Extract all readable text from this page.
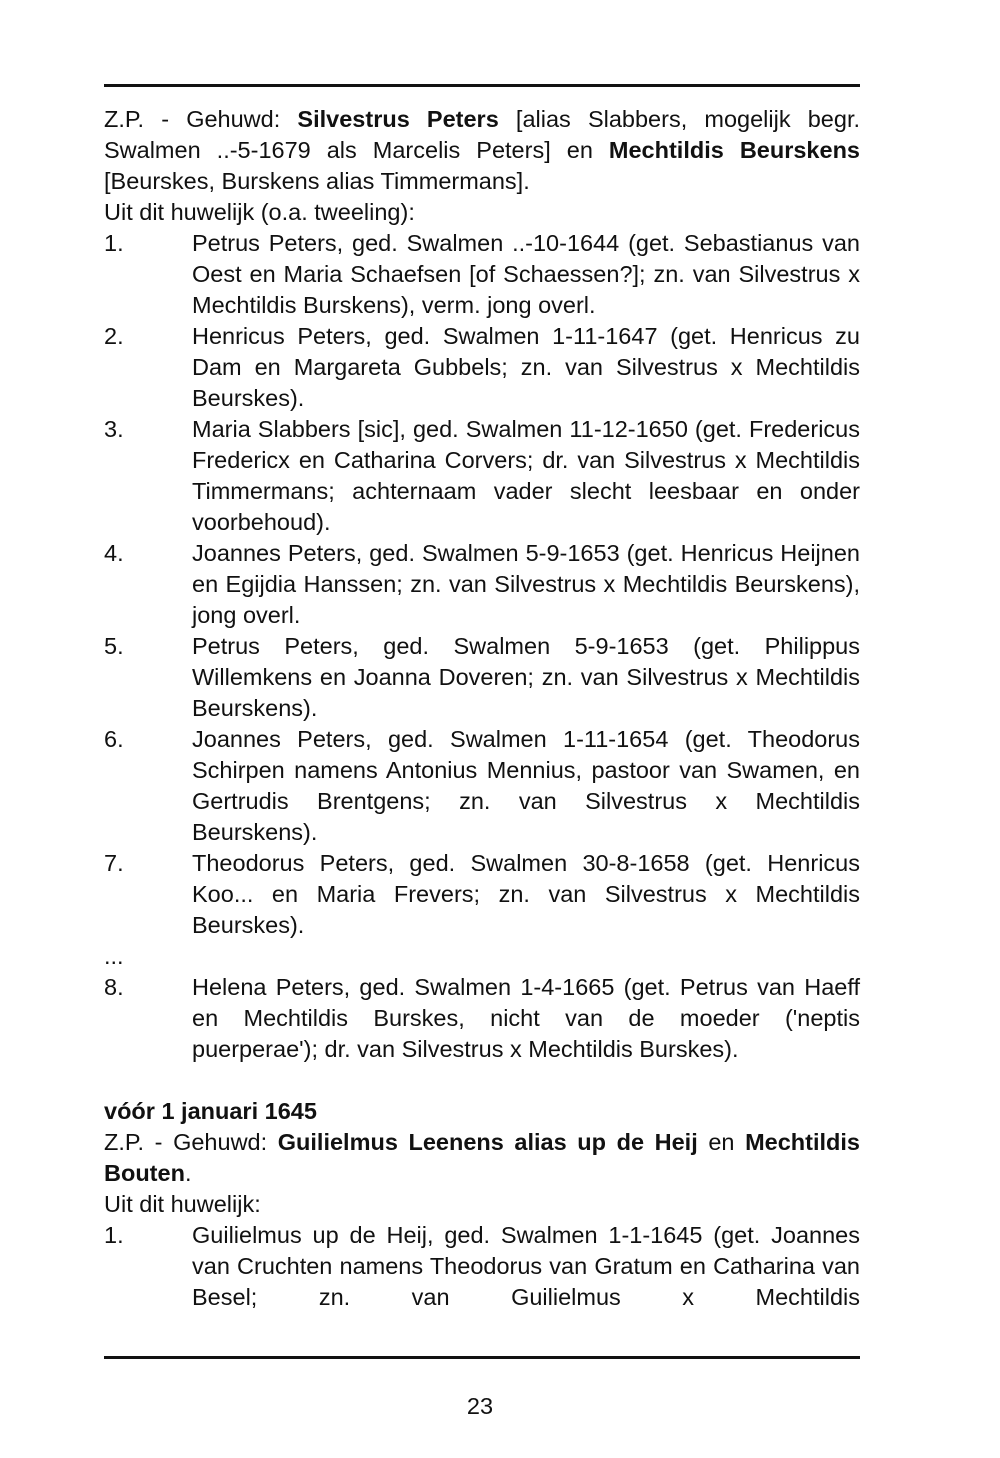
Z.P. - Gehuwd: Silvestrus Peters [alias Slabbers, mogelijk begr. Swalmen ..-5-1679 als Marcelis Peters] en Mechtildis Beurskens [Beurskes, Burskens alias Timmermans].

Uit dit huwelijk (o.a. tweeling):

1.	Petrus Peters, ged. Swalmen ..-10-1644 (get. Sebastianus van Oest en Maria Schaefsen [of Schaessen?]; zn. van Silvestrus x Mechtildis Burskens), verm. jong overl.
2.	Henricus Peters, ged. Swalmen 1-11-1647 (get. Henricus zu Dam en Margareta Gubbels; zn. van Silvestrus x Mechtildis Beurskes).
3.	Maria Slabbers [sic], ged. Swalmen 11-12-1650 (get. Fredericus Fredericx en Catharina Corvers; dr. van Silvestrus x Mechtildis Timmermans; achternaam vader slecht leesbaar en onder voorbehoud).
4.	Joannes Peters, ged. Swalmen 5-9-1653 (get. Henricus Heijnen en Egijdia Hanssen; zn. van Silvestrus x Mechtildis Beurskens), jong overl.
5.	Petrus Peters, ged. Swalmen 5-9-1653 (get. Philippus Willemkens en Joanna Doveren; zn. van Silvestrus x Mechtildis Beurskens).
6.	Joannes Peters, ged. Swalmen 1-11-1654 (get. Theodorus Schirpen namens Antonius Mennius, pastoor van Swamen, en Gertrudis Brentgens; zn. van Silvestrus x Mechtildis Beurskens).
7.	Theodorus Peters, ged. Swalmen 30-8-1658 (get. Henricus Koo... en Maria Frevers; zn. van Silvestrus x Mechtildis Beurskes).

...

8.	Helena Peters, ged. Swalmen 1-4-1665 (get. Petrus van Haeff en Mechtildis Burskes, nicht van de moeder ('neptis puerperae'); dr. van Silvestrus x Mechtildis Burskes).

vóór 1 januari 1645

Z.P. - Gehuwd: Guilielmus Leenens alias up de Heij en Mechtildis Bouten.

Uit dit huwelijk:

1.	Guilielmus up de Heij, ged. Swalmen 1-1-1645 (get. Joannes van Cruchten namens Theodorus van Gratum en Catharina van Besel; zn. van Guilielmus x Mechtildis
23
